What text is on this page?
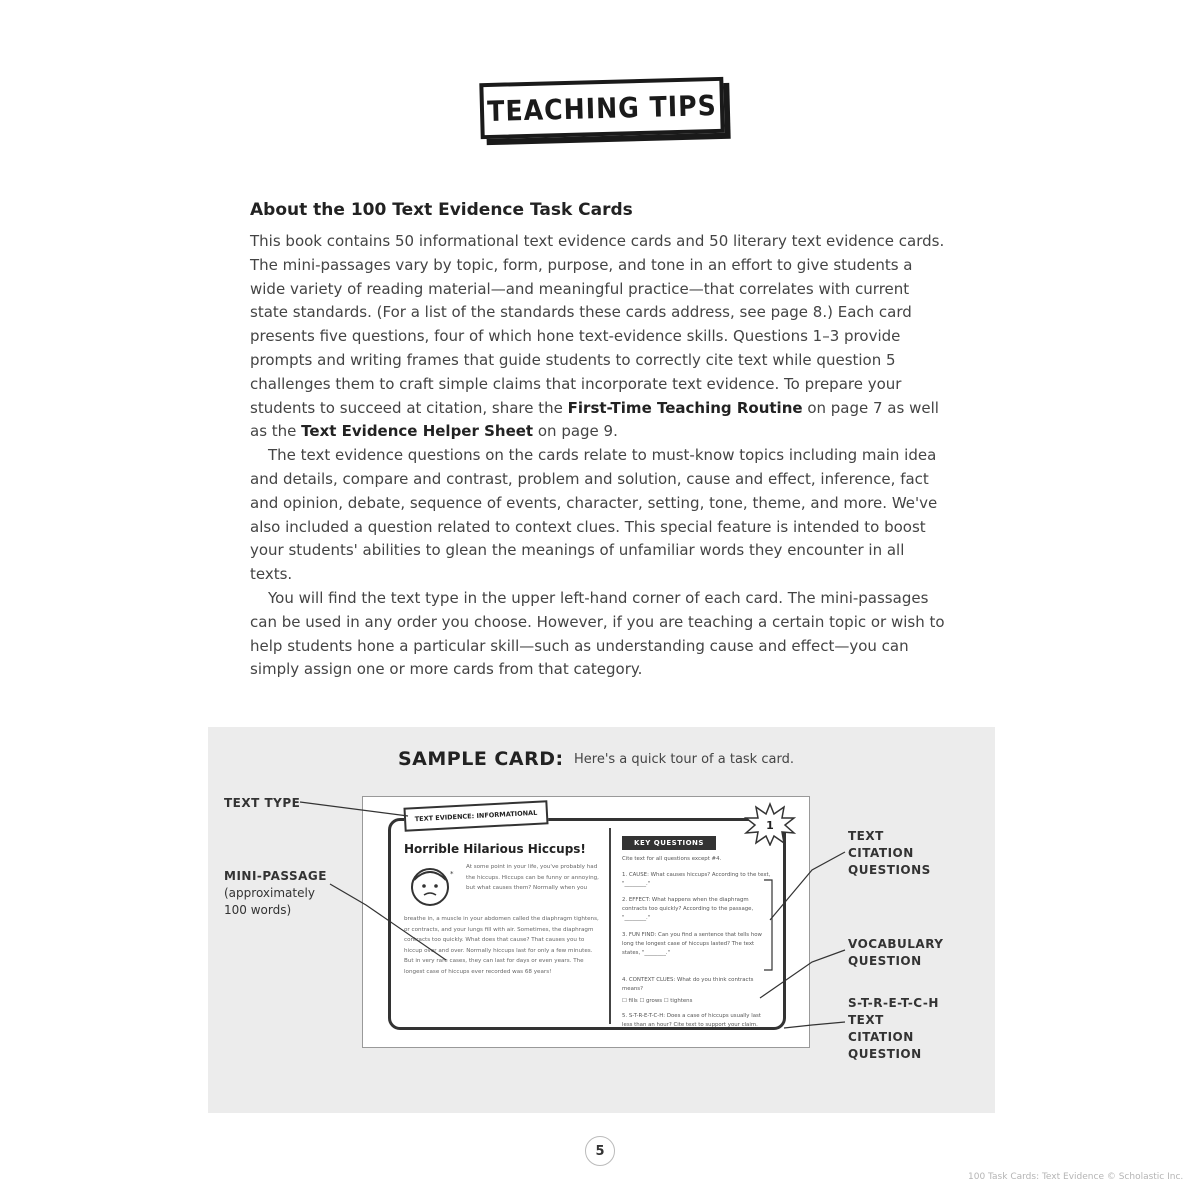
TEACHING TIPS
About the 100 Text Evidence Task Cards

This book contains 50 informational text evidence cards and 50 literary text evidence cards. The mini-passages vary by topic, form, purpose, and tone in an effort to give students a wide variety of reading material—and meaningful practice—that correlates with current state standards. (For a list of the standards these cards address, see page 8.) Each card presents five questions, four of which hone text-evidence skills. Questions 1–3 provide prompts and writing frames that guide students to correctly cite text while question 5 challenges them to craft simple claims that incorporate text evidence. To prepare your students to succeed at citation, share the First-Time Teaching Routine on page 7 as well as the Text Evidence Helper Sheet on page 9.

The text evidence questions on the cards relate to must-know topics including main idea and details, compare and contrast, problem and solution, cause and effect, inference, fact and opinion, debate, sequence of events, character, setting, tone, theme, and more. We've also included a question related to context clues. This special feature is intended to boost your students' abilities to glean the meanings of unfamiliar words they encounter in all texts.

You will find the text type in the upper left-hand corner of each card. The mini-passages can be used in any order you choose. However, if you are teaching a certain topic or wish to help students hone a particular skill—such as understanding cause and effect—you can simply assign one or more cards from that category.

SAMPLE CARD: Here's a quick tour of a task card.
TEXT TYPE
MINI-PASSAGE
(approximately
100 words)
TEXT
CITATION
QUESTIONS
VOCABULARY
QUESTION
S-T-R-E-T-C-H
TEXT
CITATION
QUESTION
TEXT EVIDENCE: INFORMATIONAL
1
Horrible Hilarious Hiccups!
*
At some point in your life, you've probably had the hiccups. Hiccups can be funny or annoying, but what causes them? Normally when you
breathe in, a muscle in your abdomen called the diaphragm tightens, or contracts, and your lungs fill with air. Sometimes, the diaphragm contracts too quickly. What does that cause? That causes you to hiccup over and over. Normally hiccups last for only a few minutes. But in very rare cases, they can last for days or even years. The longest case of hiccups ever recorded was 68 years!
KEY QUESTIONS
Cite text for all questions except #4.
1. CAUSE: What causes hiccups? According to the text, "________."
2. EFFECT: What happens when the diaphragm contracts too quickly? According to the passage, "________."
3. FUN FIND: Can you find a sentence that tells how long the longest case of hiccups lasted? The text states, "________."
4. CONTEXT CLUES: What do you think contracts means?
☐ fills ☐ grows ☐ tightens
5. S-T-R-E-T-C-H: Does a case of hiccups usually last less than an hour? Cite text to support your claim.
5
100 Task Cards: Text Evidence © Scholastic Inc.
